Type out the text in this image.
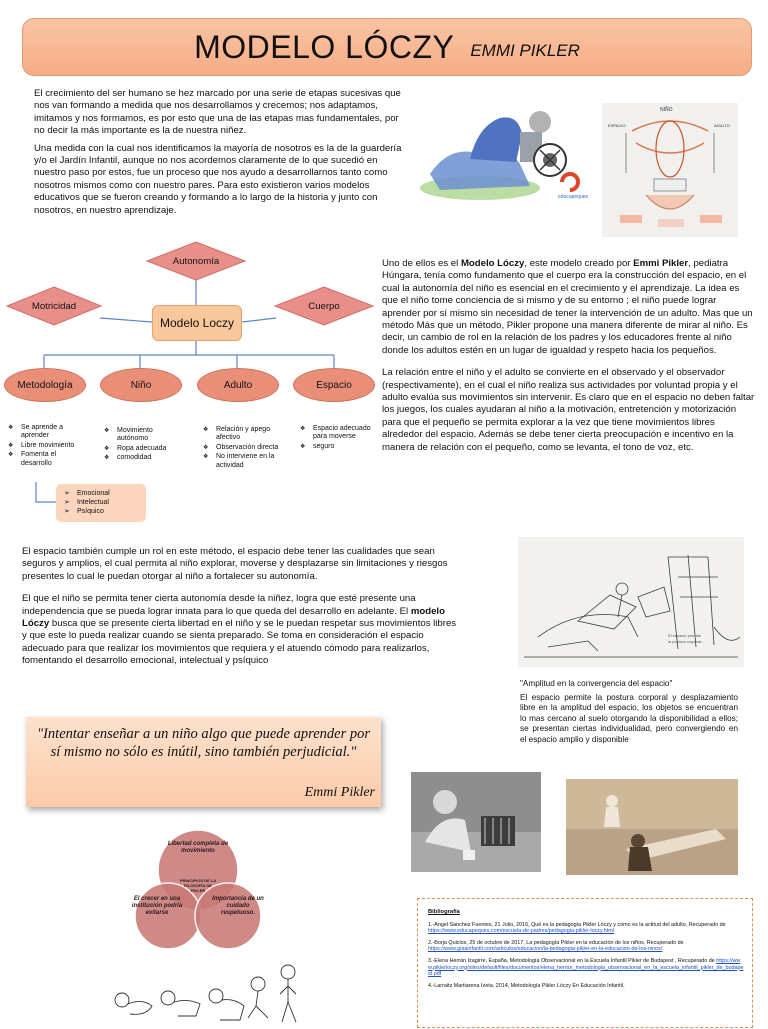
MODELO LÓCZY EMMI PIKLER

El crecimiento del ser humano se hez marcado por una serie de etapas sucesivas que nos van formando a medida que nos desarrollamos y crecemos; nos adaptamos, imitamos y nos formamos, es por esto que una de las etapas mas fundamentales, por no decir la más importante es la de nuestra niñez.

Una medida con la cual nos identificamos la mayoría de nosotros es la de la guardería y/o el Jardín Infantil, aunque no nos acordemos claramente de lo que sucedió en nuestro paso por estos, fue un proceso que nos ayudo a desarrollarnos tanto como nosotros mismos como con nuestro pares. Para esto existieron varios modelos educativos que se fueron creando y formando a lo largo de la historia y junto con nosotros, en nuestro aprendizaje.

educapeques
NIÑO
ESPACIO	ADULTO
Autonomía
Motricidad	Cuerpo
Modelo Loczy
Metodología	Niño	Adulto	Espacio
❖ Se aprende a aprender
❖ Libre movimiento
❖ Fomenta el desarrollo
❖ Movimiento autónomo
❖ Ropa adecuada
❖ comodidad
❖ Relación y apego afectivo
❖ Observación directa
❖ No interviene en la actividad
❖ Espacio adecuado para moverse
❖ seguro
➢ Emocional
➢ Intelectual
➢ Psíquico

Uno de ellos es el Modelo Lóczy, este modelo creado por Emmi Pikler, pediatra Húngara, tenía como fundamento que el cuerpo era la construcción del espacio, en el cual la autonomía del niño es esencial en el crecimiento y el aprendizaje. La idea es que el niño tome conciencia de si mismo y de su entorno ; el niño puede lograr aprender por sí mismo sin necesidad de tener la intervención de un adulto. Mas que un método Más que un método, Pikler propone una manera diferente de mirar al niño. Es decir, un cambio de rol en la relación de los padres y los educadores frente al niño donde los adultos estén en un lugar de igualdad y respeto hacia los pequeños.

La relación entre el niño y el adulto se convierte en el observado y el observador (respectivamente), en el cual el niño realiza sus actividades por voluntad propia y el adulto evalúa sus movimientos sin intervenir. Es claro que en el espacio no deben faltar los juegos, los cuales ayudaran al niño a la motivación, entretención y motorización para que el pequeño se permita explorar a la vez que tiene movimientos libres alrededor del espacio. Además se debe tener cierta preocupación e incentivo en la manera de relación con el pequeño, como se levanta, el tono de voz, etc.

El espacio también cumple un rol en este método, el espacio debe tener las cualidades que sean seguros y amplios, el cual permita al niño explorar, moverse y desplazarse sin limitaciones y riesgos presentes lo cual le puedan otorgar al niño a fortalecer su autonomía.

El que el niño se permita tener cierta autonomía desde la niñez, logra que esté presente una independencia que se pueda lograr innata para lo que queda del desarrollo en adelante. El modelo Lóczy busca que se presente cierta libertad en el niño y se le puedan respetar sus movimientos libres y que este lo pueda realizar cuando se sienta preparado. Se toma en consideración el espacio adecuado para que realizar los movimientos que requiera y el atuendo cómodo para realizarlos, fomentando el desarrollo emocional, intelectual y psíquico

El espacio permite
la postura corporal...
"Amplitud en la convergencia del espacio"
El espacio permite la postura corporal y desplazamiento libre en la amplitud del espacio, los objetos se encuentran lo mas cercano al suelo otorgando la disponibilidad a ellos; se presentan ciertas individualidad, pero convergiendo en el espacio amplio y disponible
"Intentar enseñar a un niño algo que puede aprender por sí mismo no sólo es inútil, sino también perjudicial."
Emmi Pikler
Libertad completa de movimiento
El crecer en una institución podría evitarse
Importancia de un cuidado respetuoso.
PRINCIPIOS DE LA FILOSOFÍA DE PIKLER
Bibliografía

1.-Angel Sanchez Fuentes, 21 Julio, 2016, Qué es la pedagogía Pikler Lóczy y cómo es la actitud del adulto, Recuperado de https://www.educapeques.com/escuela-de-padres/pedagogia-pikler-loczy.html

2.-Borja Quicios, 25 de octubre de 2017, La pedagogía Pikler en la educación de los niños, Recuperado de https://www.guiainfantil.com/articulos/educacion/la-pedagogia-pikler-en-la-educacion-de-los-ninos/

3.-Elena Herrán Izagirre, España, Metodología Observacional en la Escuela Infantil Pikler de Budapest , Recuperado de https://www.piklerloczy.org/sites/default/files/documentos/elena_herran_metodologia_observacional_en_la_escuela_infantil_pikler_de_budapest.pdf

4.-Larraitz Martiarena Izeta, 2014, Metodología Pikler Lóczy En Educación Infantil,
